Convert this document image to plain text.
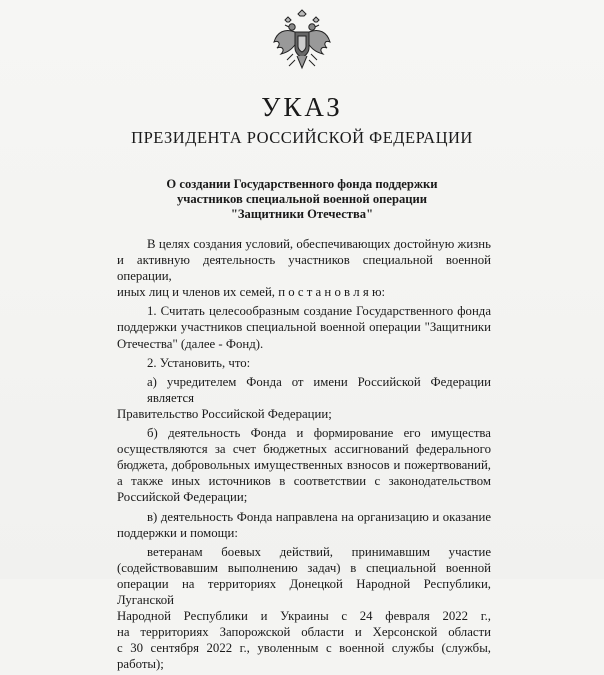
УКАЗ
ПРЕЗИДЕНТА РОССИЙСКОЙ ФЕДЕРАЦИИ
О создании Государственного фонда поддержки
участников специальной военной операции
"Защитники Отечества"
В целях создания условий, обеспечивающих достойную жизнь
и активную деятельность участников специальной военной операции,
иных лиц и членов их семей, п о с т а н о в л я ю:
1. Считать целесообразным создание Государственного фонда
поддержки участников специальной военной операции "Защитники
Отечества" (далее - Фонд).
2. Установить, что:
а) учредителем Фонда от имени Российской Федерации является
Правительство Российской Федерации;
б) деятельность Фонда и формирование его имущества
осуществляются за счет бюджетных ассигнований федерального
бюджета, добровольных имущественных взносов и пожертвований,
а также иных источников в соответствии с законодательством
Российской Федерации;
в) деятельность Фонда направлена на организацию и оказание
поддержки и помощи:
ветеранам боевых действий, принимавшим участие
(содействовавшим выполнению задач) в специальной военной
операции на территориях Донецкой Народной Республики, Луганской
Народной Республики и Украины с 24 февраля 2022 г.,
на территориях Запорожской области и Херсонской области
с 30 сентября 2022 г., уволенным с военной службы (службы,
работы);
